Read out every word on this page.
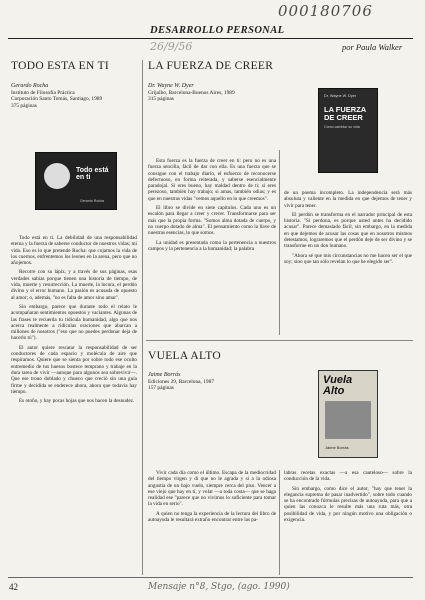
000180706
26/9/56
DESARROLLO PERSONAL
por Paula Walker
TODO ESTA EN TI
Gerardo Rocha
Instituto de Filosofía Práctica
Corporación Santo Tomás, Santiago, 1989
375 páginas
Todo está en ti
Gerardo Rocha

Todo está en ti. La debilidad de una responsabilidad eterna y la fuerza de saberse conductor de nuestros vidas; mi vida. Eso es lo que pretende Rocha: que cojamos la vida de los cuernos, enfrentemos los leones en la arena, pero que no añojemos.

Recorre con su lápiz, y a través de sus páginas, esas verdades sabias porque tienen una historia de tiempo, de vida, muerte y resurrección. La muerte, la locura, el perdón divino y el error humano. La pasión es acusada de opuesto al amor; o, además, "no es falta de amor sino amar".

Sin embargo, parece que durante todo el relato le acompañaran sentimientos opuestos y vaciantes. Algunas de las frases te recuerda tu ridícula humanidad, algo que nos acerca realmente a ridículas oraciones que abarcan a millones de nosotros ("eso que no puedes perdonar deja de hacerlo tú").

El autor quiere rescatar la responsabilidad de ser conductores de cada espacio y molécula de aire que respiramos. Quiere que se sienta por sobre todo ese oculto entremedio de tus huesos bostece temprano y trabaje en la dura tarea de vivir —aunque para algunos sea sobrevivir—. Que ese trono doblado y chueco que creció sin una guía firme y decidida se enderece ahora, ahora que todavía hay tiempo.

Es otoño, y hay pocas hojas que nos hacen la desnudez.

LA FUERZA DE CREER
Dr. Wayne W. Dyer
Grijalbo, Barcelona-Buenos Aires, 1989
315 páginas
Dr. Wayne W. Dyer
LA FUERZA DE CREER
Cómo cambiar su vida

Esta fuerza es la fuerza de creer en ti: pero no es una fuerza sencilla, fácil de dar con ella. Es una fuerza que se consigue con el trabajo diario, el esfuerzo de reconocerse defectuoso, en forma reiterada, y saberse esencialmente paradojal. Si eres bueno, hay maldad dentro de ti; si eres perezoso, también hay trabajo; si amas, también odias; y es que en nuestras vidas "vemos aquello en lo que creemos".

El libro se divide en siete capítulos. Cada uno es un escalón para llegar a creer y crecer. Transformarse para ser más que la propia forma. "Somos alma dotada de cuerpo, y no cuerpo dotado de alma". El pensamiento como la llave de nuestras esencias, lo que somos.

La unidad es presentada como la pertenencia a nuestros campos y la pertenencia a la humanidad; la palabra

de un poema incompleto. La independencia será más absoluta y valiente en la medida en que dejemos de tener y vivir para tener.

El perdón se transforma en el narrador principal de esta historia. "Si perdona, es porque usted antes ha decidido acusar". Parece demasiado fácil, sin embargo, en la medida en que dejemos de acusar las cosas que en nosotros mismos detestamos, lograremos que el perdón deje de ser divino y se transforme en un don humano.

"Ahora sé que mis circunstancias no me hacen ser el que soy; sino que tan sólo revelan lo que he elegido ser".

VUELA ALTO
Jaime Borrás
Ediciones 29, Barcelona, 1987
157 páginas
Vuela Alto
Jaime Borrás

Vivir cada día como el último. Escapa de la mediocridad del tiempo virgen y di que no le agrada y sí a la odiosa angustia de un bajo vuelo, siempre cerca del piso. Vencer a ese viejo que hay en ti, y volar —a toda costa— que se haga realidad ese "parece que no vivimos lo suficiente para tomar la vida en serio".

A quien no tenga la experiencia de la lectura del libro de autoayuda le resultará extraño encontrar entre las pa-

labras recetas exactas —a esa cauteloso— sobre la conducción de la vida.

Sin embargo, como dice el autor, "hay que tener la elegancia suprema de pasar inadvertido", sobre todo cuando se ha encontrado fórmulas precisas de autoayuda, para que a quien las conozca le resulte más una ruta más, otra posibilidad de vida, y por ningún motivo una obligación o exigencia.

42	Mensaje n°8, Stgo, (ago. 1990)
